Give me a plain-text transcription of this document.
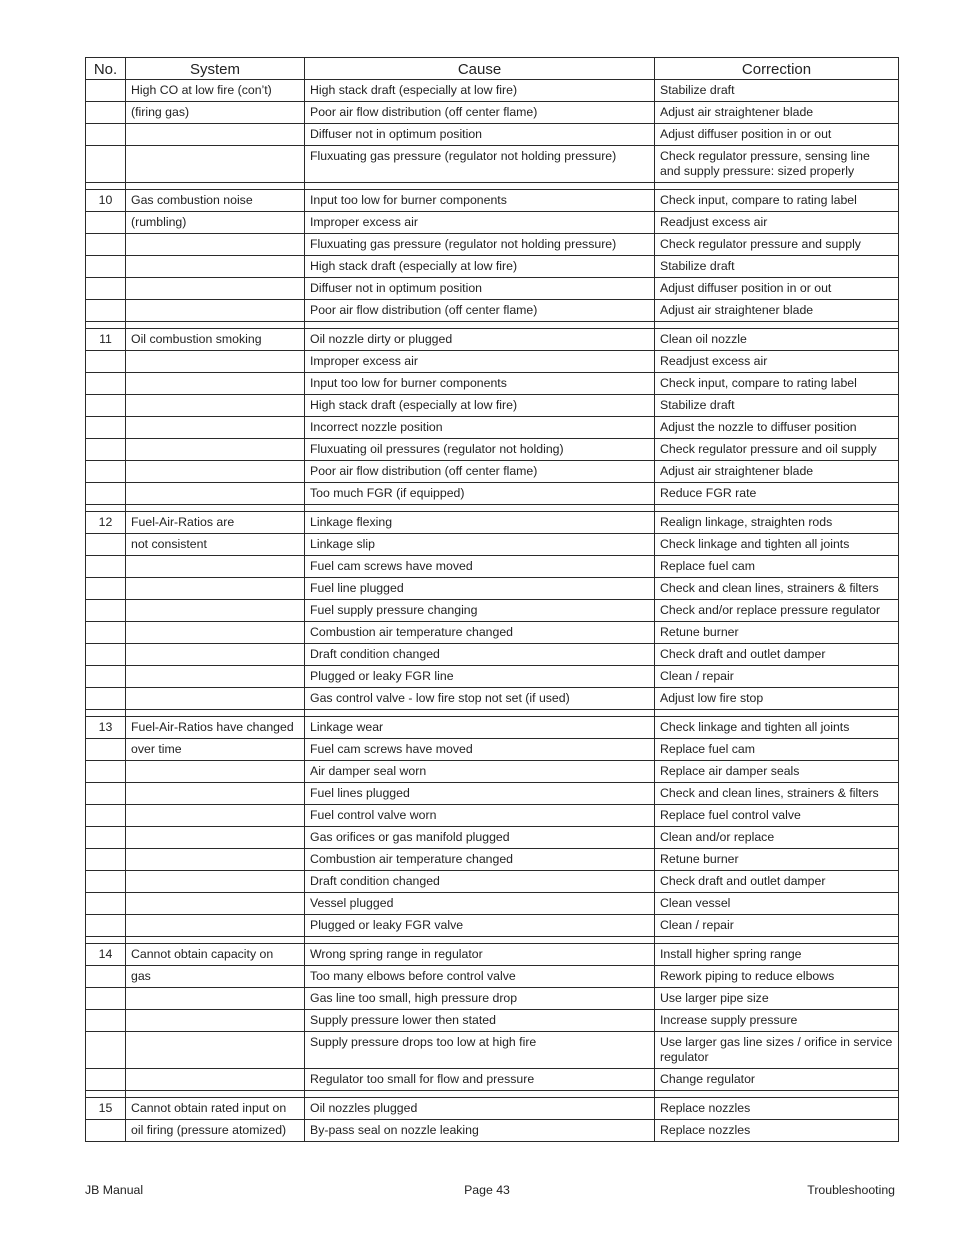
No.	System	Cause	Correction
	High CO at low fire (con’t)	High stack draft (especially at low fire)	Stabilize draft
	(firing gas)	Poor air flow distribution (off center flame)	Adjust air straightener blade
		Diffuser not in optimum position	Adjust diffuser position in or out
		Fluxuating gas pressure (regulator not holding pressure)	Check regulator pressure, sensing line and supply pressure: sized properly

10	Gas combustion noise	Input too low for burner components	Check input, compare to rating label
	(rumbling)	Improper excess air	Readjust excess air
		Fluxuating gas pressure (regulator not holding pressure)	Check regulator pressure and supply
		High stack draft (especially at low fire)	Stabilize draft
		Diffuser not in optimum position	Adjust diffuser position in or out
		Poor air flow distribution (off center flame)	Adjust air straightener blade

11	Oil combustion smoking	Oil nozzle dirty or plugged	Clean oil nozzle
		Improper excess air	Readjust excess air
		Input too low for burner components	Check input, compare to rating label
		High stack draft (especially at low fire)	Stabilize draft
		Incorrect nozzle position	Adjust the nozzle to diffuser position
		Fluxuating oil pressures (regulator not holding)	Check regulator pressure and oil supply
		Poor air flow distribution (off center flame)	Adjust air straightener blade
		Too much FGR (if equipped)	Reduce FGR rate

12	Fuel-Air-Ratios are	Linkage flexing	Realign linkage, straighten rods
	not consistent	Linkage slip	Check linkage and tighten all joints
		Fuel cam screws have moved	Replace fuel cam
		Fuel line plugged	Check and clean lines, strainers & filters
		Fuel supply pressure changing	Check and/or replace pressure regulator
		Combustion air temperature changed	Retune burner
		Draft condition changed	Check draft and outlet damper
		Plugged or leaky FGR line	Clean / repair
		Gas control valve - low fire stop not set (if used)	Adjust low fire stop

13	Fuel-Air-Ratios have changed	Linkage wear	Check linkage and tighten all joints
	over time	Fuel cam screws have moved	Replace fuel cam
		Air damper seal worn	Replace air damper seals
		Fuel lines plugged	Check and clean lines, strainers & filters
		Fuel control valve worn	Replace fuel control valve
		Gas orifices or gas manifold plugged	Clean and/or replace
		Combustion air temperature changed	Retune burner
		Draft condition changed	Check draft and outlet damper
		Vessel plugged	Clean vessel
		Plugged or leaky FGR valve	Clean / repair

14	Cannot obtain capacity on	Wrong spring range in regulator	Install higher spring range
	gas	Too many elbows before control valve	Rework piping to reduce elbows
		Gas line too small, high pressure drop	Use larger pipe size
		Supply pressure lower then stated	Increase supply pressure
		Supply pressure drops too low at high fire	Use larger gas line sizes / orifice in service regulator
		Regulator too small for flow and pressure	Change regulator

15	Cannot obtain rated input on	Oil nozzles plugged	Replace nozzles
	oil firing (pressure atomized)	By-pass seal on nozzle leaking	Replace nozzles
JB Manual	Page 43	Troubleshooting
